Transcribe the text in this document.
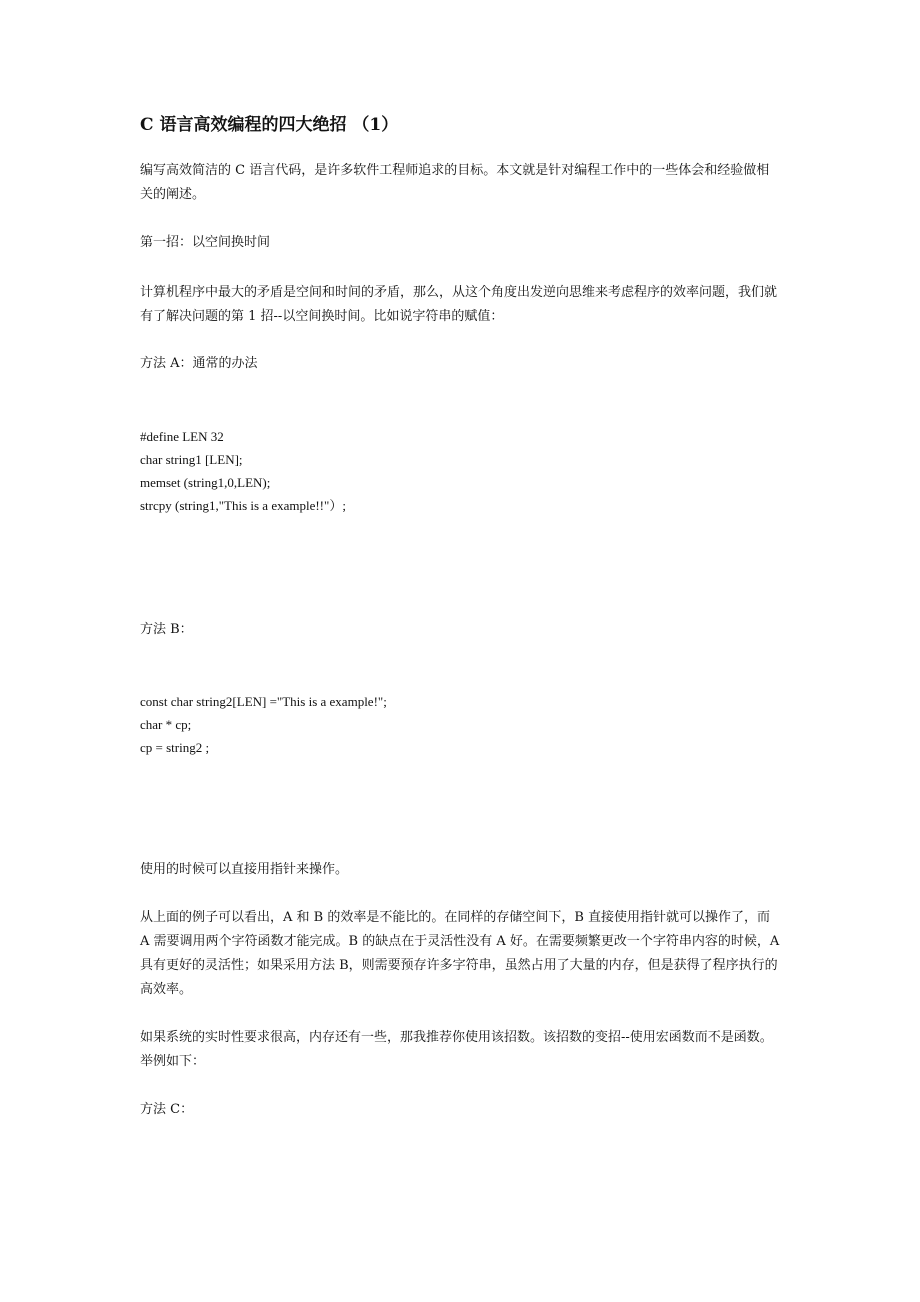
C 语言高效编程的四大绝招 （1）

编写高效简洁的 C 语言代码，是许多软件工程师追求的目标。本文就是针对编程工作中的一些体会和经验做相关的阐述。

第一招：以空间换时间

计算机程序中最大的矛盾是空间和时间的矛盾，那么，从这个角度出发逆向思维来考虑程序的效率问题，我们就有了解决问题的第 1 招--以空间换时间。比如说字符串的赋值：

方法 A：通常的办法

#define LEN 32
char string1 [LEN];
memset (string1,0,LEN);
strcpy (string1,"This is a example!!"）;

方法 B：

const char string2[LEN] ="This is a example!";
char * cp;
cp = string2 ;

使用的时候可以直接用指针来操作。

从上面的例子可以看出，A 和 B 的效率是不能比的。在同样的存储空间下，B 直接使用指针就可以操作了，而 A 需要调用两个字符函数才能完成。B 的缺点在于灵活性没有 A 好。在需要频繁更改一个字符串内容的时候，A 具有更好的灵活性；如果采用方法 B，则需要预存许多字符串，虽然占用了大量的内存，但是获得了程序执行的高效率。

如果系统的实时性要求很高，内存还有一些，那我推荐你使用该招数。该招数的变招--使用宏函数而不是函数。举例如下：

方法 C：
